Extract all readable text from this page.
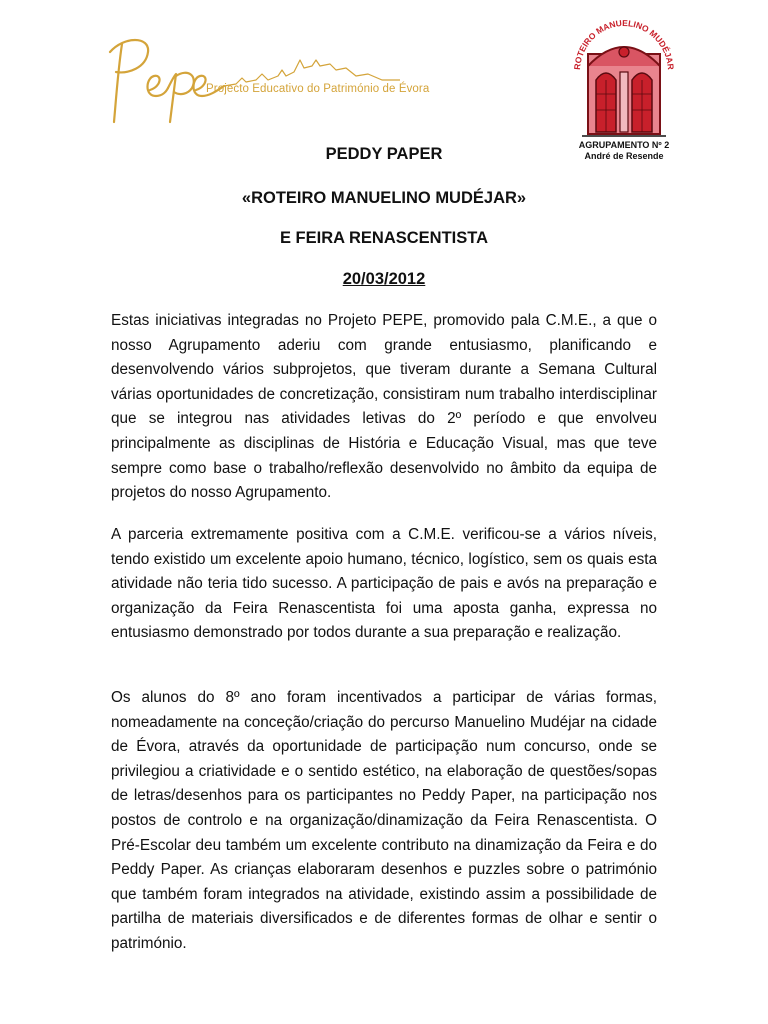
Projecto Educativo do Património de Évora
ROTEIRO MANUELINO MUDÉJAR
AGRUPAMENTO Nº 2
André de Resende
PEDDY PAPER
«ROTEIRO MANUELINO MUDÉJAR»
E FEIRA RENASCENTISTA
20/03/2012
Estas iniciativas integradas no Projeto PEPE, promovido pala C.M.E., a que o nosso Agrupamento aderiu com grande entusiasmo, planificando e desenvolvendo vários subprojetos, que tiveram durante a Semana Cultural várias oportunidades de concretização, consistiram num trabalho interdisciplinar que se integrou nas atividades letivas do 2º período e que envolveu principalmente as disciplinas de História e Educação Visual, mas que teve sempre como base o trabalho/reflexão desenvolvido no âmbito da equipa de projetos do nosso Agrupamento.
A parceria extremamente positiva com a C.M.E. verificou-se a vários níveis, tendo existido um excelente apoio humano, técnico, logístico, sem os quais esta atividade não teria tido sucesso. A participação de pais e avós na preparação e organização da Feira Renascentista foi uma aposta ganha, expressa no entusiasmo demonstrado por todos durante a sua preparação e realização.
Os alunos do 8º ano foram incentivados a participar de várias formas, nomeadamente na conceção/criação do percurso Manuelino Mudéjar na cidade de Évora, através da oportunidade de participação num concurso, onde se privilegiou a criatividade e o sentido estético, na elaboração de questões/sopas de letras/desenhos para os participantes no Peddy Paper, na participação nos postos de controlo e na organização/dinamização da Feira Renascentista. O Pré-Escolar deu também um excelente contributo na dinamização da Feira e do Peddy Paper. As crianças elaboraram desenhos e puzzles sobre o património que também foram integrados na atividade, existindo assim a possibilidade de partilha de materiais diversificados e de diferentes formas de olhar e sentir o património.
